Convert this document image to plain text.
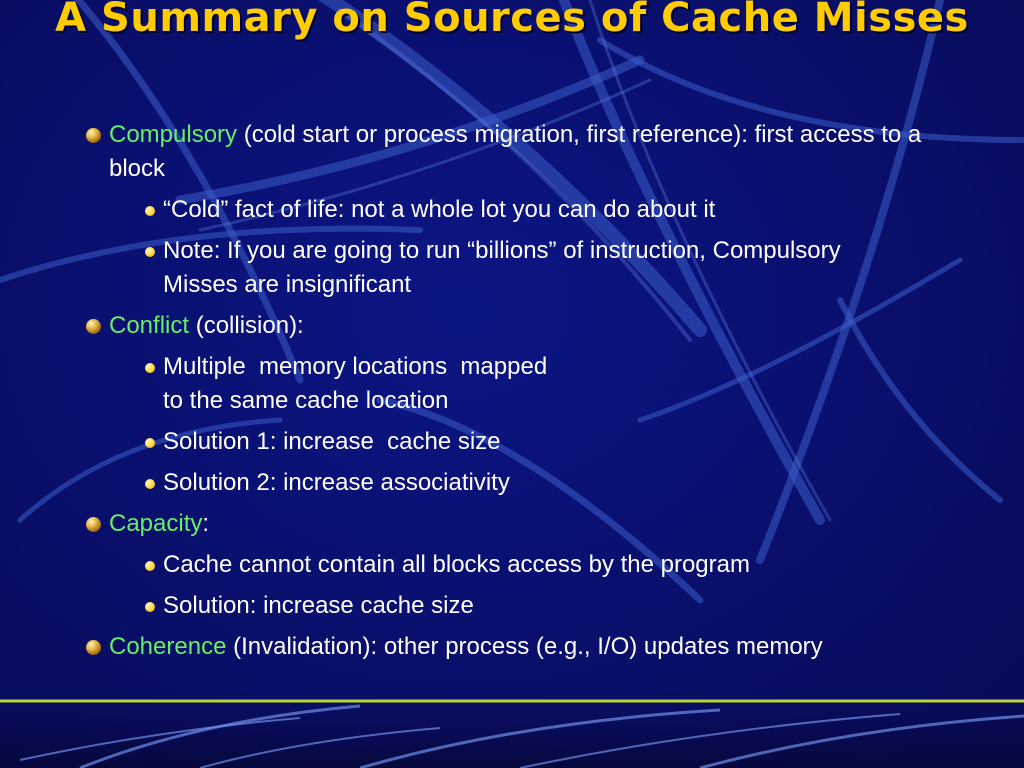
A Summary on Sources of Cache Misses
Compulsory (cold start or process migration, first reference): first access to a block
“Cold” fact of life: not a whole lot you can do about it
Note: If you are going to run “billions” of instruction, Compulsory Misses are insignificant
Conflict (collision):
Multiple  memory locations  mapped
to the same cache location
Solution 1: increase  cache size
Solution 2: increase associativity
Capacity:
Cache cannot contain all blocks access by the program
Solution: increase cache size
Coherence (Invalidation): other process (e.g., I/O) updates memory
